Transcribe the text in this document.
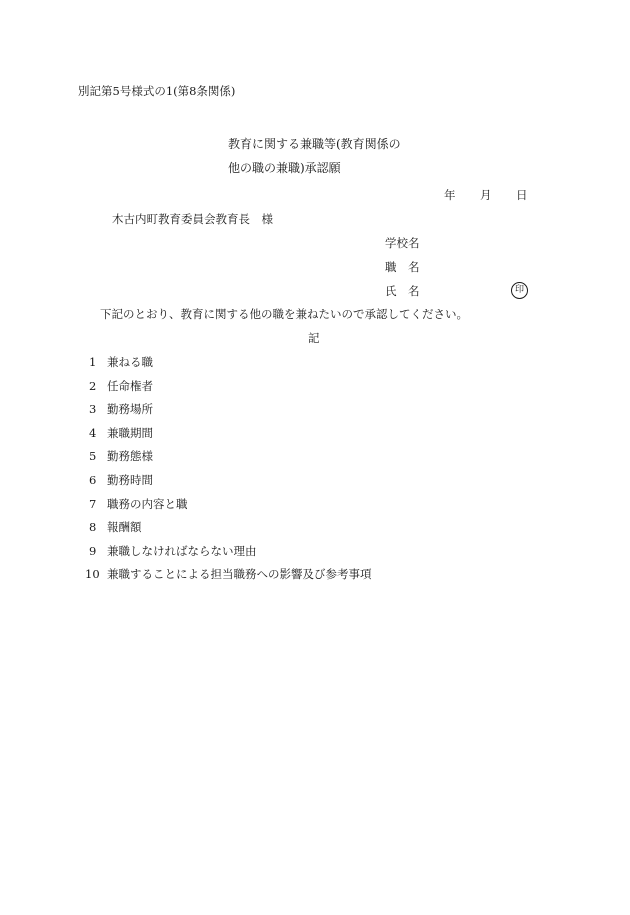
別記第5号様式の1(第8条関係)
教育に関する兼職等(教育関係の
他の職の兼職)承認願
年 月 日
木古内町教育委員会教育長　様
学校名
職　名
氏　名	印
下記のとおり、教育に関する他の職を兼ねたいので承認してください。
記
1 兼ねる職
2 任命権者
3 勤務場所
4 兼職期間
5 勤務態様
6 勤務時間
7 職務の内容と職
8 報酬額
9 兼職しなければならない理由
10 兼職することによる担当職務への影響及び参考事項
